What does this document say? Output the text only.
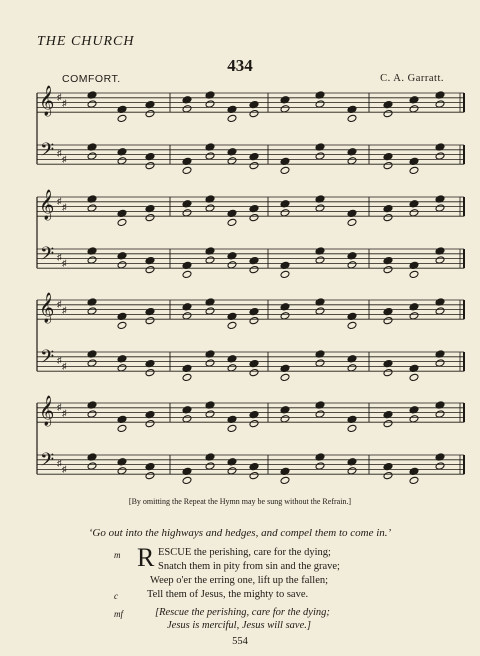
THE CHURCH
434
COMFORT.	C. A. Garratt.
𝄞
𝄢
♯
♯
♯
♯
𝄞
𝄢
♯
♯
♯
♯
𝄞
𝄢
♯
♯
♯
♯
𝄞
𝄢
♯
♯
♯
♯
[By omitting the Repeat the Hymn may be sung without the Refrain.]
‘Go out into the highways and hedges, and compel them to come in.’
m R ESCUE the perishing, care for the dying;
Snatch them in pity from sin and the grave;
Weep o'er the erring one, lift up the fallen;
c	Tell them of Jesus, the mighty to save.
mf	[Rescue the perishing, care for the dying;
Jesus is merciful, Jesus will save.]
554
